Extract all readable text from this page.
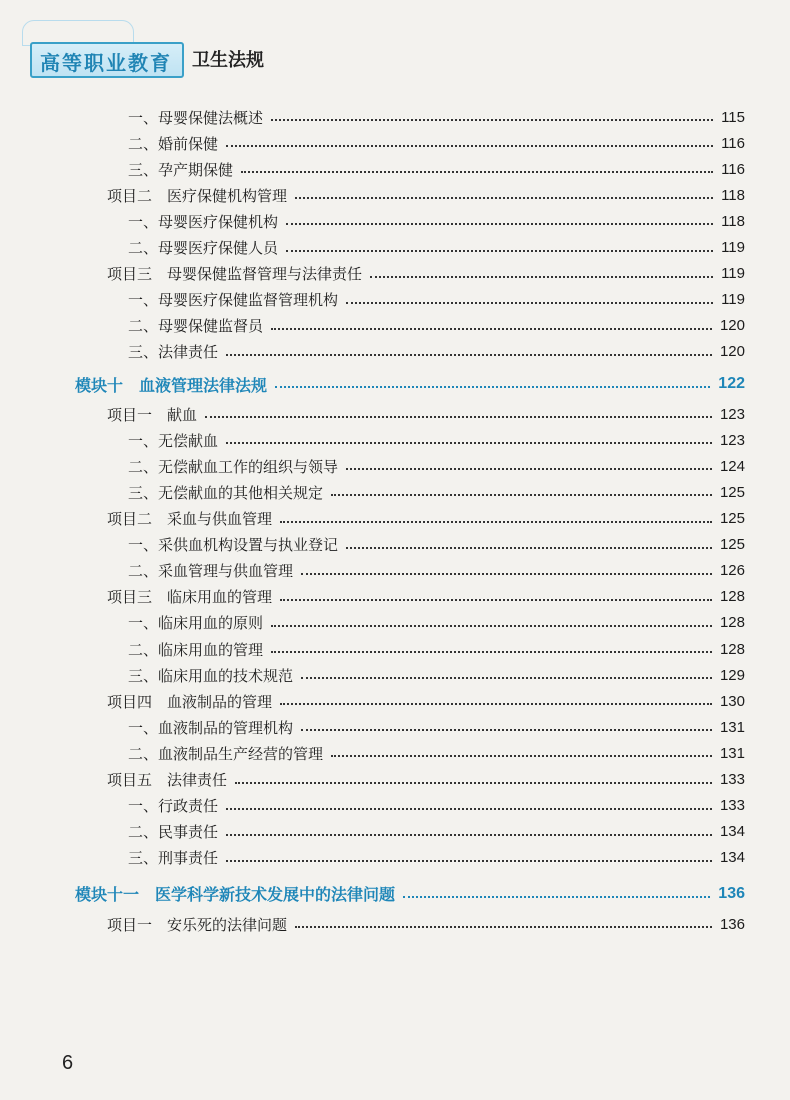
高等职业教育 卫生法规
一、母婴保健法概述	115
二、婚前保健	116
三、孕产期保健	116
项目二　医疗保健机构管理	118
一、母婴医疗保健机构	118
二、母婴医疗保健人员	119
项目三　母婴保健监督管理与法律责任	119
一、母婴医疗保健监督管理机构	119
二、母婴保健监督员	120
三、法律责任	120
模块十　血液管理法律法规	122
项目一　献血	123
一、无偿献血	123
二、无偿献血工作的组织与领导	124
三、无偿献血的其他相关规定	125
项目二　采血与供血管理	125
一、采供血机构设置与执业登记	125
二、采血管理与供血管理	126
项目三　临床用血的管理	128
一、临床用血的原则	128
二、临床用血的管理	128
三、临床用血的技术规范	129
项目四　血液制品的管理	130
一、血液制品的管理机构	131
二、血液制品生产经营的管理	131
项目五　法律责任	133
一、行政责任	133
二、民事责任	134
三、刑事责任	134
模块十一　医学科学新技术发展中的法律问题	136
项目一　安乐死的法律问题	136
6
